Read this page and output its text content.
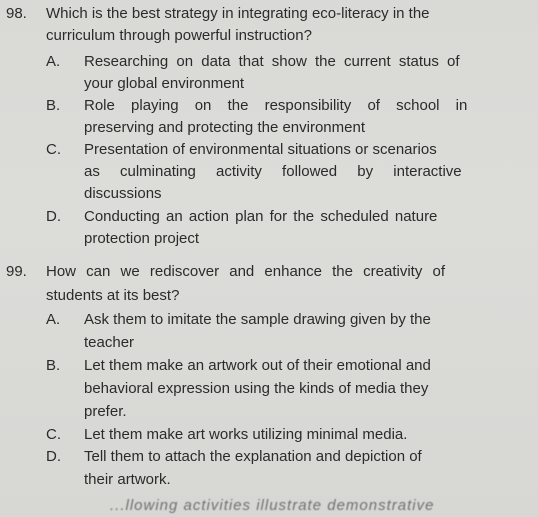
98. Which is the best strategy in integrating eco-literacy in the
curriculum through powerful instruction?
A. Researching on data that show the current status of
your global environment
B. Role playing on the responsibility of school in
preserving and protecting the environment
C. Presentation of environmental situations or scenarios
as culminating activity followed by interactive
discussions
D. Conducting an action plan for the scheduled nature
protection project
99. How can we rediscover and enhance the creativity of
students at its best?
A. Ask them to imitate the sample drawing given by the
teacher
B. Let them make an artwork out of their emotional and
behavioral expression using the kinds of media they
prefer.
C. Let them make art works utilizing minimal media.
D. Tell them to attach the explanation and depiction of
their artwork.
...llowing activities illustrate demonstrative
